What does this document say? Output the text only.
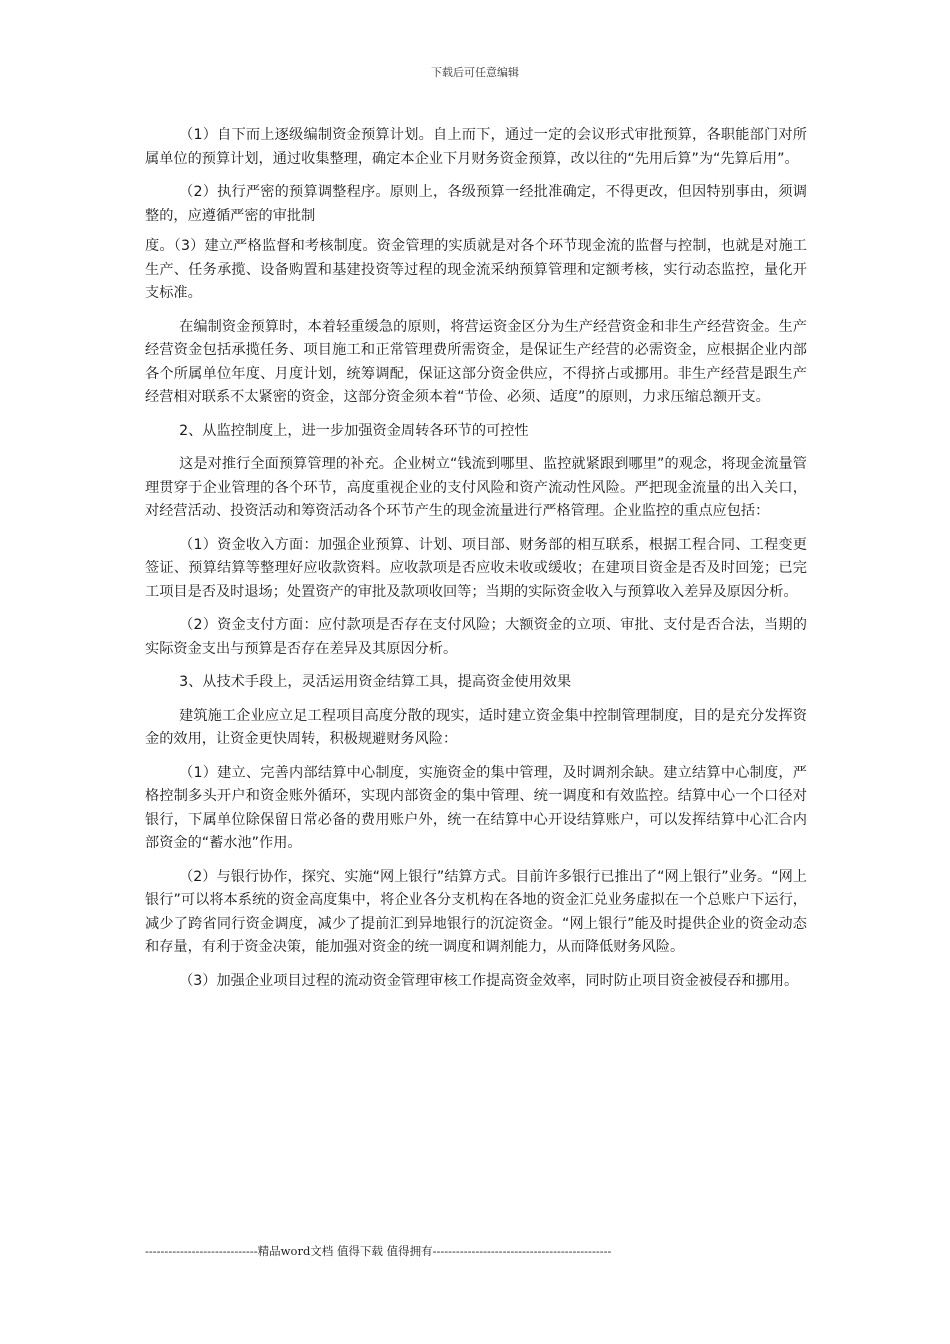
下载后可任意编辑

（1）自下而上逐级编制资金预算计划。自上而下，通过一定的会议形式审批预算，各职能部门对所属单位的预算计划，通过收集整理，确定本企业下月财务资金预算，改以往的“先用后算”为“先算后用”。

（2）执行严密的预算调整程序。原则上，各级预算一经批准确定，不得更改，但因特别事由，须调整的，应遵循严密的审批制

度。（3）建立严格监督和考核制度。资金管理的实质就是对各个环节现金流的监督与控制，也就是对施工生产、任务承揽、设备购置和基建投资等过程的现金流采纳预算管理和定额考核，实行动态监控，量化开支标准。

在编制资金预算时，本着轻重缓急的原则，将营运资金区分为生产经营资金和非生产经营资金。生产经营资金包括承揽任务、项目施工和正常管理费所需资金，是保证生产经营的必需资金，应根据企业内部各个所属单位年度、月度计划，统筹调配，保证这部分资金供应，不得挤占或挪用。非生产经营是跟生产经营相对联系不太紧密的资金，这部分资金须本着“节俭、必须、适度”的原则，力求压缩总额开支。

2、从监控制度上，进一步加强资金周转各环节的可控性

这是对推行全面预算管理的补充。企业树立“钱流到哪里、监控就紧跟到哪里”的观念，将现金流量管理贯穿于企业管理的各个环节，高度重视企业的支付风险和资产流动性风险。严把现金流量的出入关口，对经营活动、投资活动和筹资活动各个环节产生的现金流量进行严格管理。企业监控的重点应包括：

（1）资金收入方面：加强企业预算、计划、项目部、财务部的相互联系，根据工程合同、工程变更签证、预算结算等整理好应收款资料。应收款项是否应收未收或缓收；在建项目资金是否及时回笼；已完工项目是否及时退场；处置资产的审批及款项收回等；当期的实际资金收入与预算收入差异及原因分析。

（2）资金支付方面：应付款项是否存在支付风险；大额资金的立项、审批、支付是否合法，当期的实际资金支出与预算是否存在差异及其原因分析。

3、从技术手段上，灵活运用资金结算工具，提高资金使用效果

建筑施工企业应立足工程项目高度分散的现实，适时建立资金集中控制管理制度，目的是充分发挥资金的效用，让资金更快周转，积极规避财务风险：

（1）建立、完善内部结算中心制度，实施资金的集中管理，及时调剂余缺。建立结算中心制度，严格控制多头开户和资金账外循环，实现内部资金的集中管理、统一调度和有效监控。结算中心一个口径对银行，下属单位除保留日常必备的费用账户外，统一在结算中心开设结算账户，可以发挥结算中心汇合内部资金的“蓄水池”作用。

（2）与银行协作，探究、实施“网上银行”结算方式。目前许多银行已推出了“网上银行”业务。“网上银行”可以将本系统的资金高度集中，将企业各分支机构在各地的资金汇兑业务虚拟在一个总账户下运行，减少了跨省同行资金调度，减少了提前汇到异地银行的沉淀资金。“网上银行”能及时提供企业的资金动态和存量，有利于资金决策，能加强对资金的统一调度和调剂能力，从而降低财务风险。

（3）加强企业项目过程的流动资金管理审核工作提高资金效率，同时防止项目资金被侵吞和挪用。

-----------------------------精品word文档 值得下载 值得拥有----------------------------------------------
